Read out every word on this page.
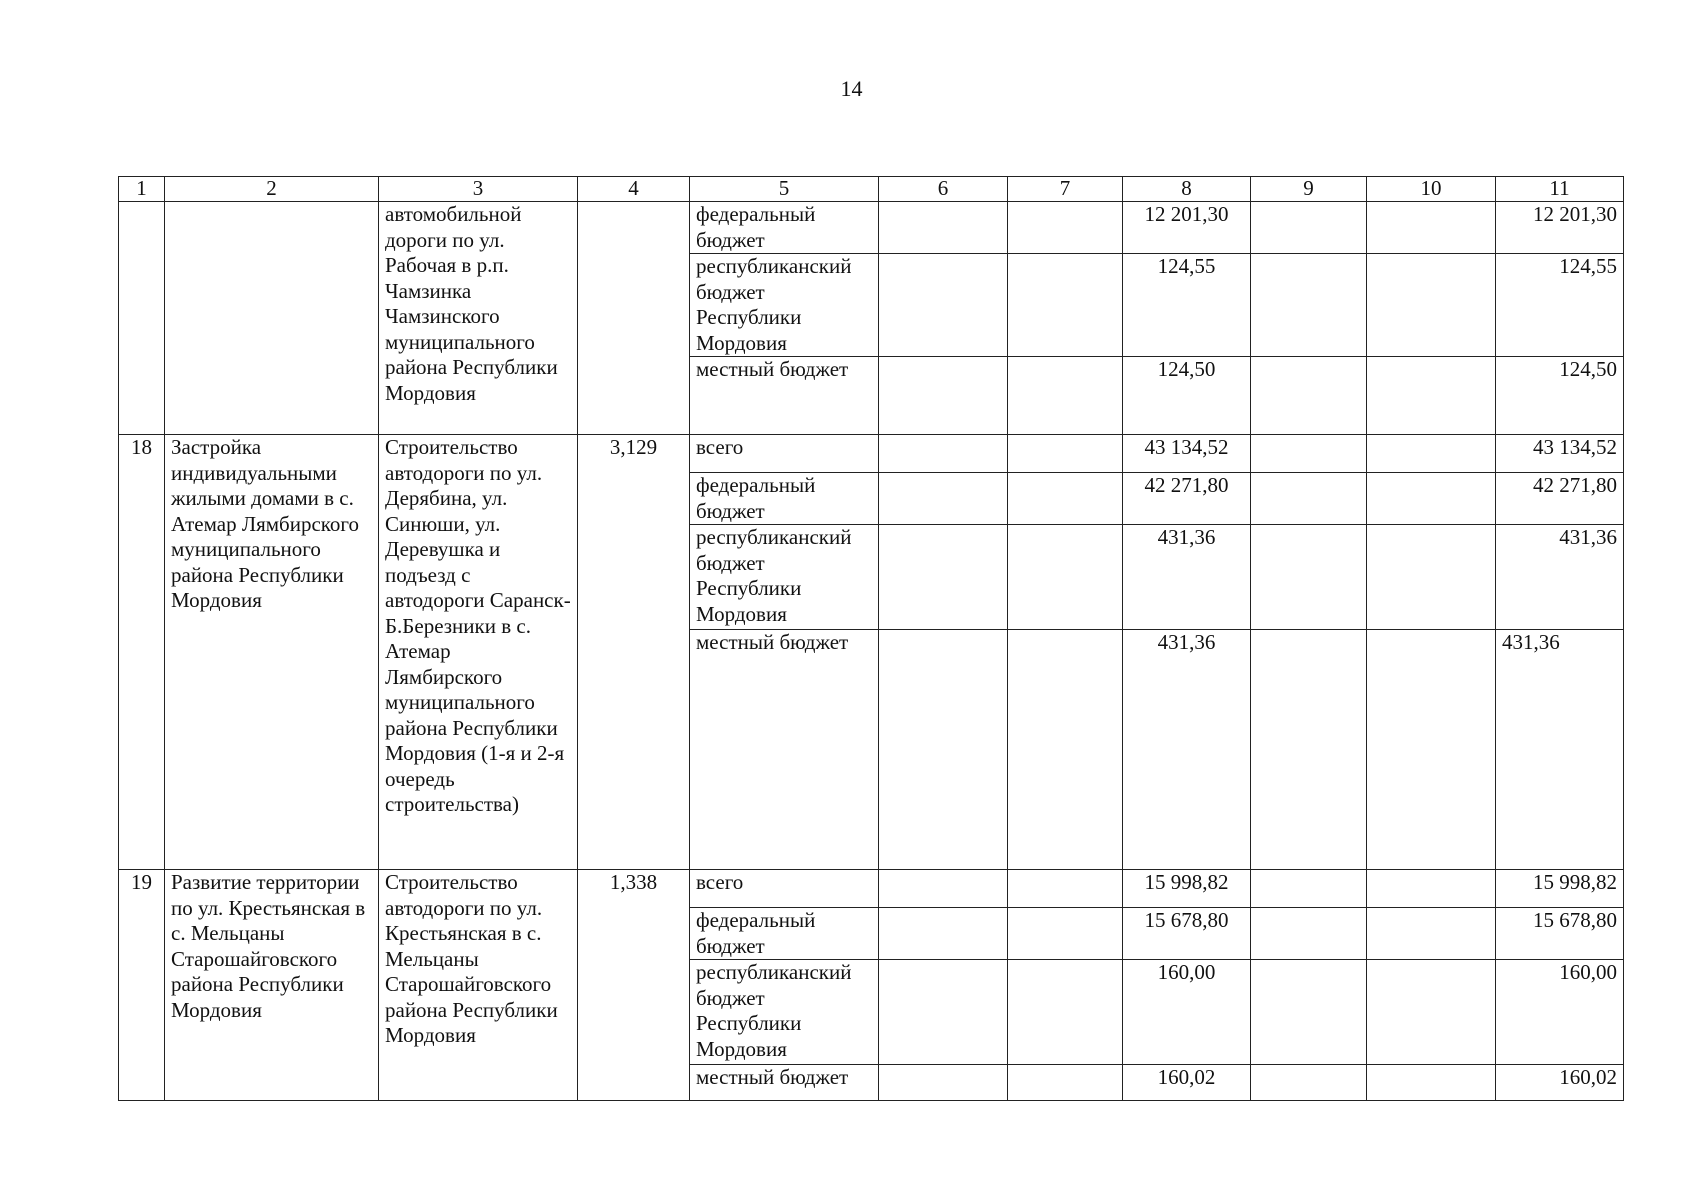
14
1	2	3	4	5	6	7	8	9	10	11
		автомобильной дороги по ул. Рабочая в р.п. Чамзинка Чамзинского муниципального района Республики Мордовия		федеральный бюджет			12 201,30			12 201,30
				республиканский бюджет Республики Мордовия			124,55			124,55
				местный бюджет			124,50			124,50
18	Застройка индивидуальными жилыми домами в с. Атемар Лямбирского муниципального района Республики Мордовия	Строительство автодороги по ул. Дерябина, ул. Синюши, ул. Деревушка и подъезд с автодороги Саранск-Б.Березники в с. Атемар Лямбирского муниципального района Республики Мордовия (1-я и 2-я очередь строительства)	3,129	всего			43 134,52			43 134,52
				федеральный бюджет			42 271,80			42 271,80
				республиканский бюджет Республики Мордовия			431,36			431,36
				местный бюджет			431,36			431,36
19	Развитие территории по ул. Крестьянская в с. Мельцаны Старошайговского района Республики Мордовия	Строительство автодороги по ул. Крестьянская в с. Мельцаны Старошайговского района Республики Мордовия	1,338	всего			15 998,82			15 998,82
				федеральный бюджет			15 678,80			15 678,80
				республиканский бюджет Республики Мордовия			160,00			160,00
				местный бюджет			160,02			160,02
